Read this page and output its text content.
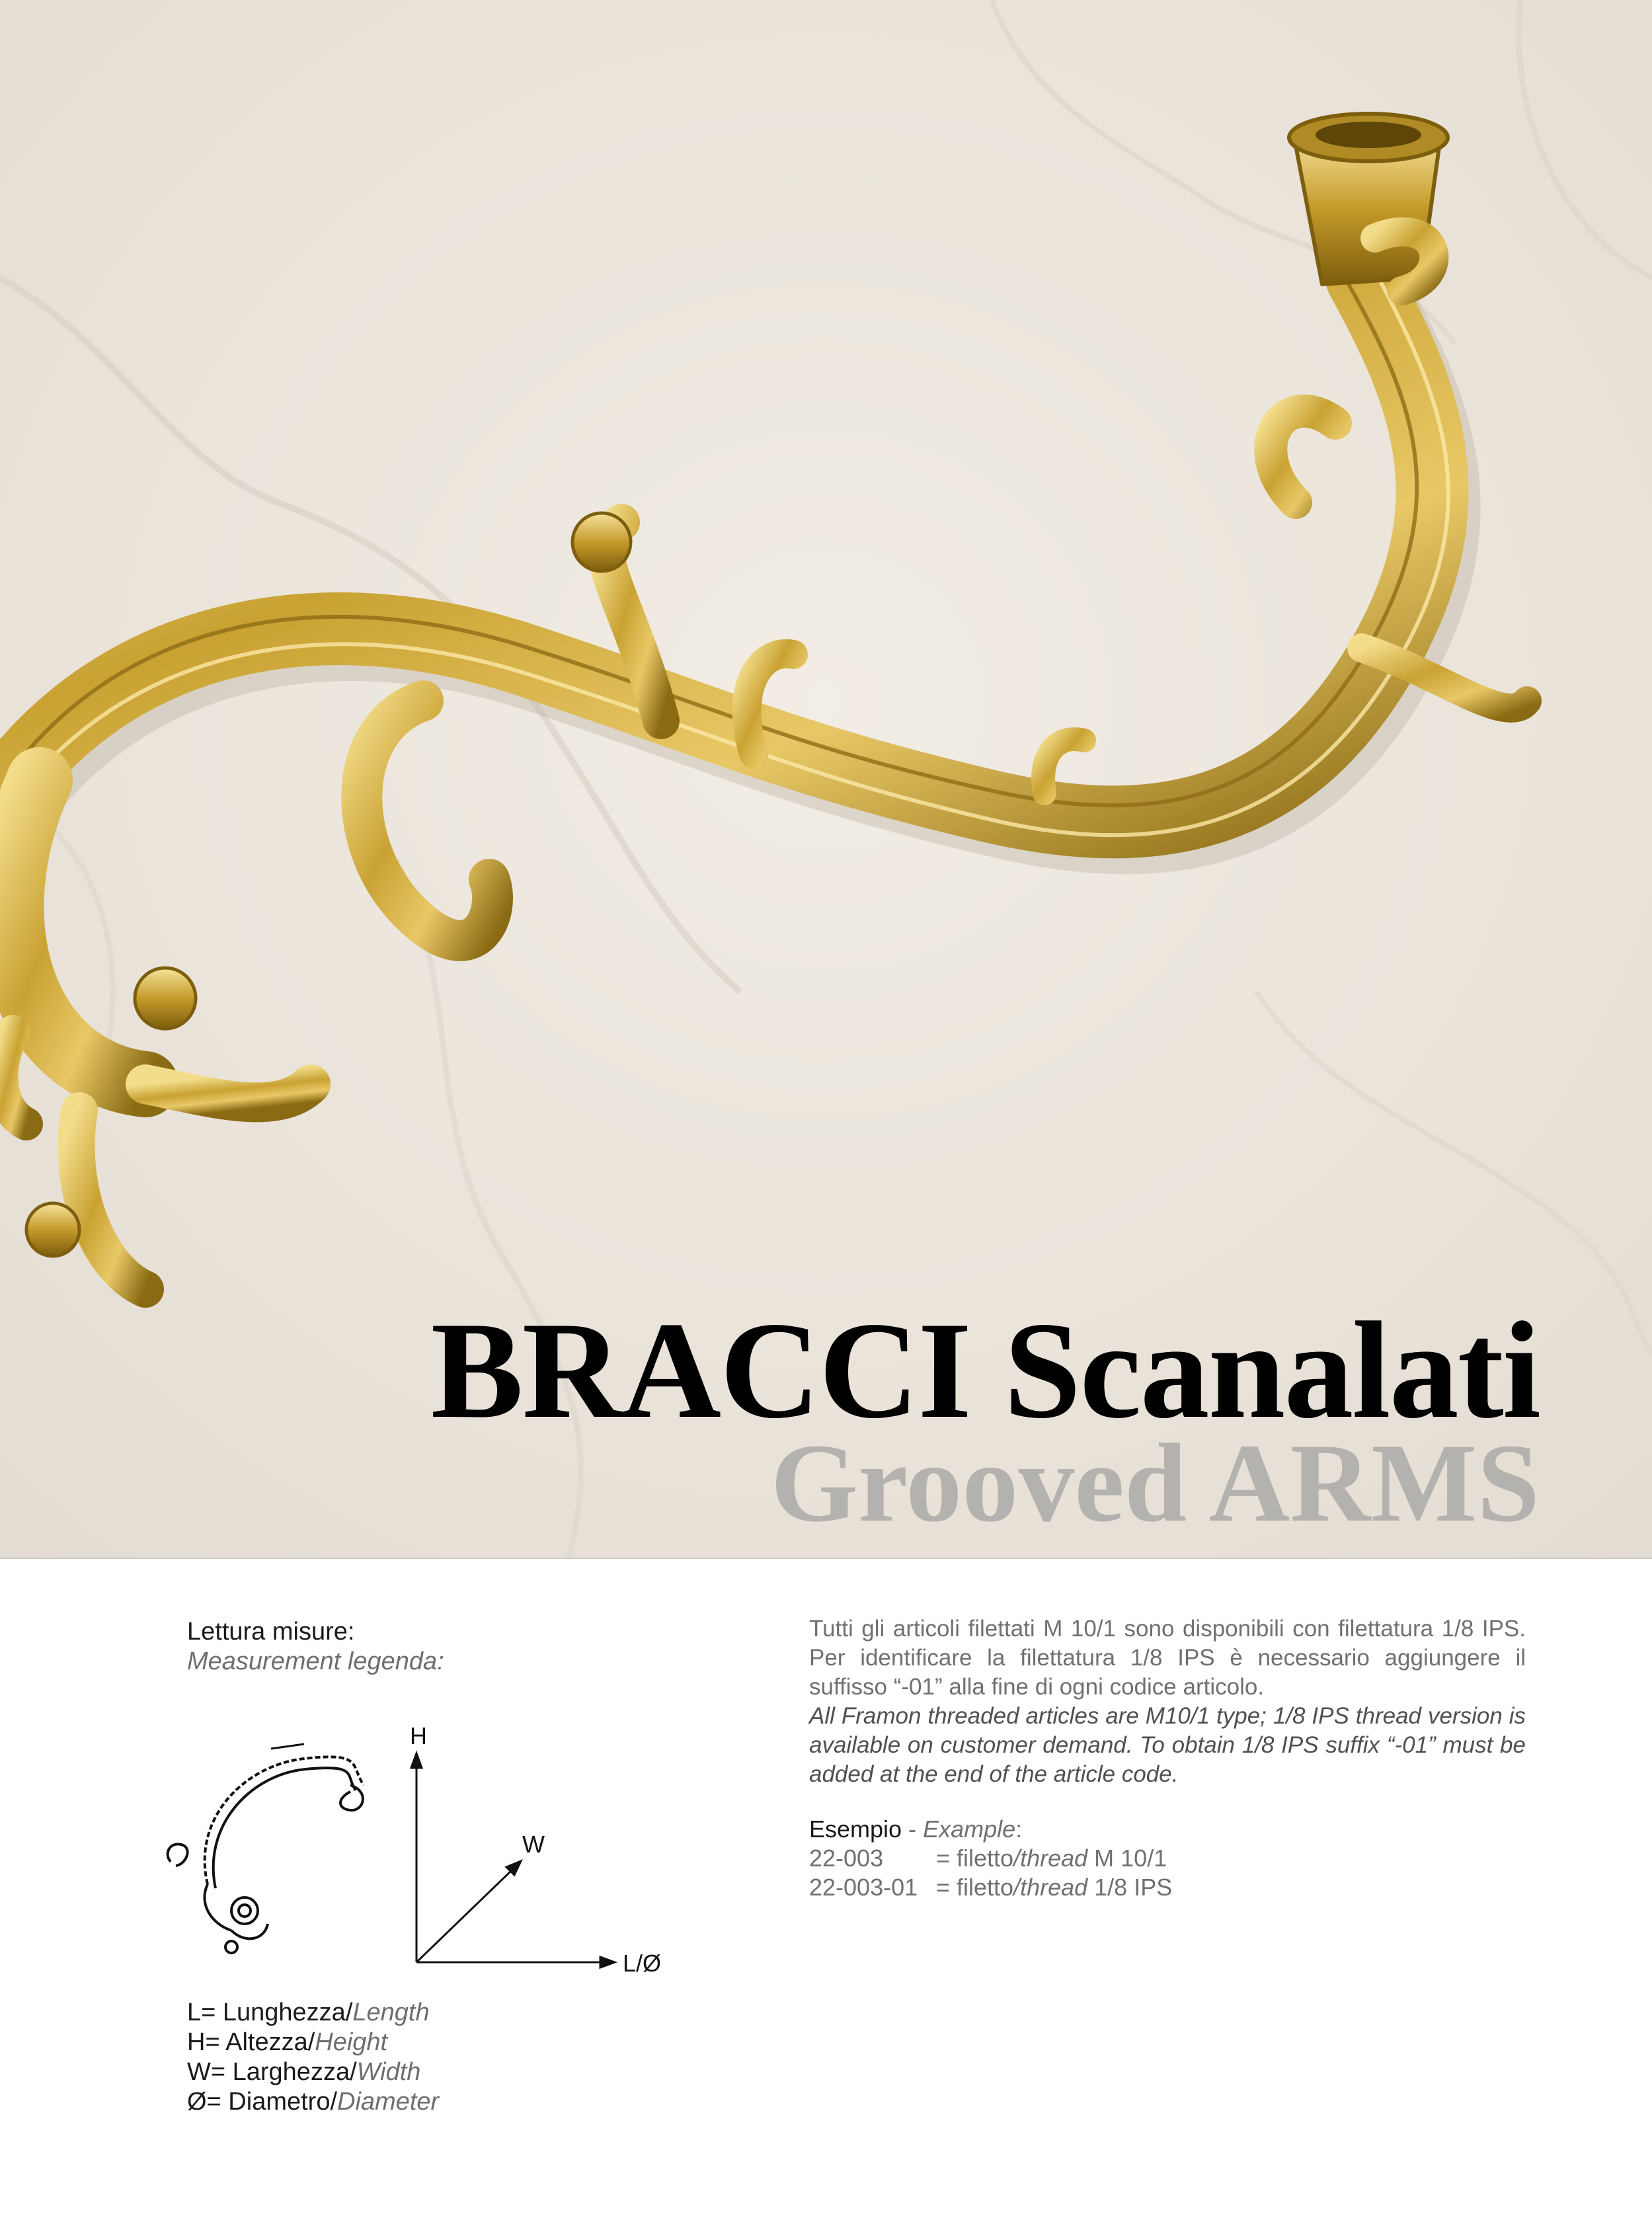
BRACCI Scanalati
Grooved ARMS
Lettura misure:
Measurement legenda:
H
W
L/Ø
L= Lunghezza/Length
H= Altezza/Height
W= Larghezza/Width
Ø= Diametro/Diameter

Tutti gli articoli filettati M 10/1 sono disponibili con filettatura 1/8 IPS. Per identificare la filettatura 1/8 IPS è necessario aggiungere il suffisso “-01” alla fine di ogni codice articolo.

All Framon threaded articles are M10/1 type; 1/8 IPS thread version is available on customer demand. To obtain 1/8 IPS suffix “-01” must be added at the end of the article code.

Esempio - Example:
22-003 = filetto/thread M 10/1
22-003-01 = filetto/thread 1/8 IPS
